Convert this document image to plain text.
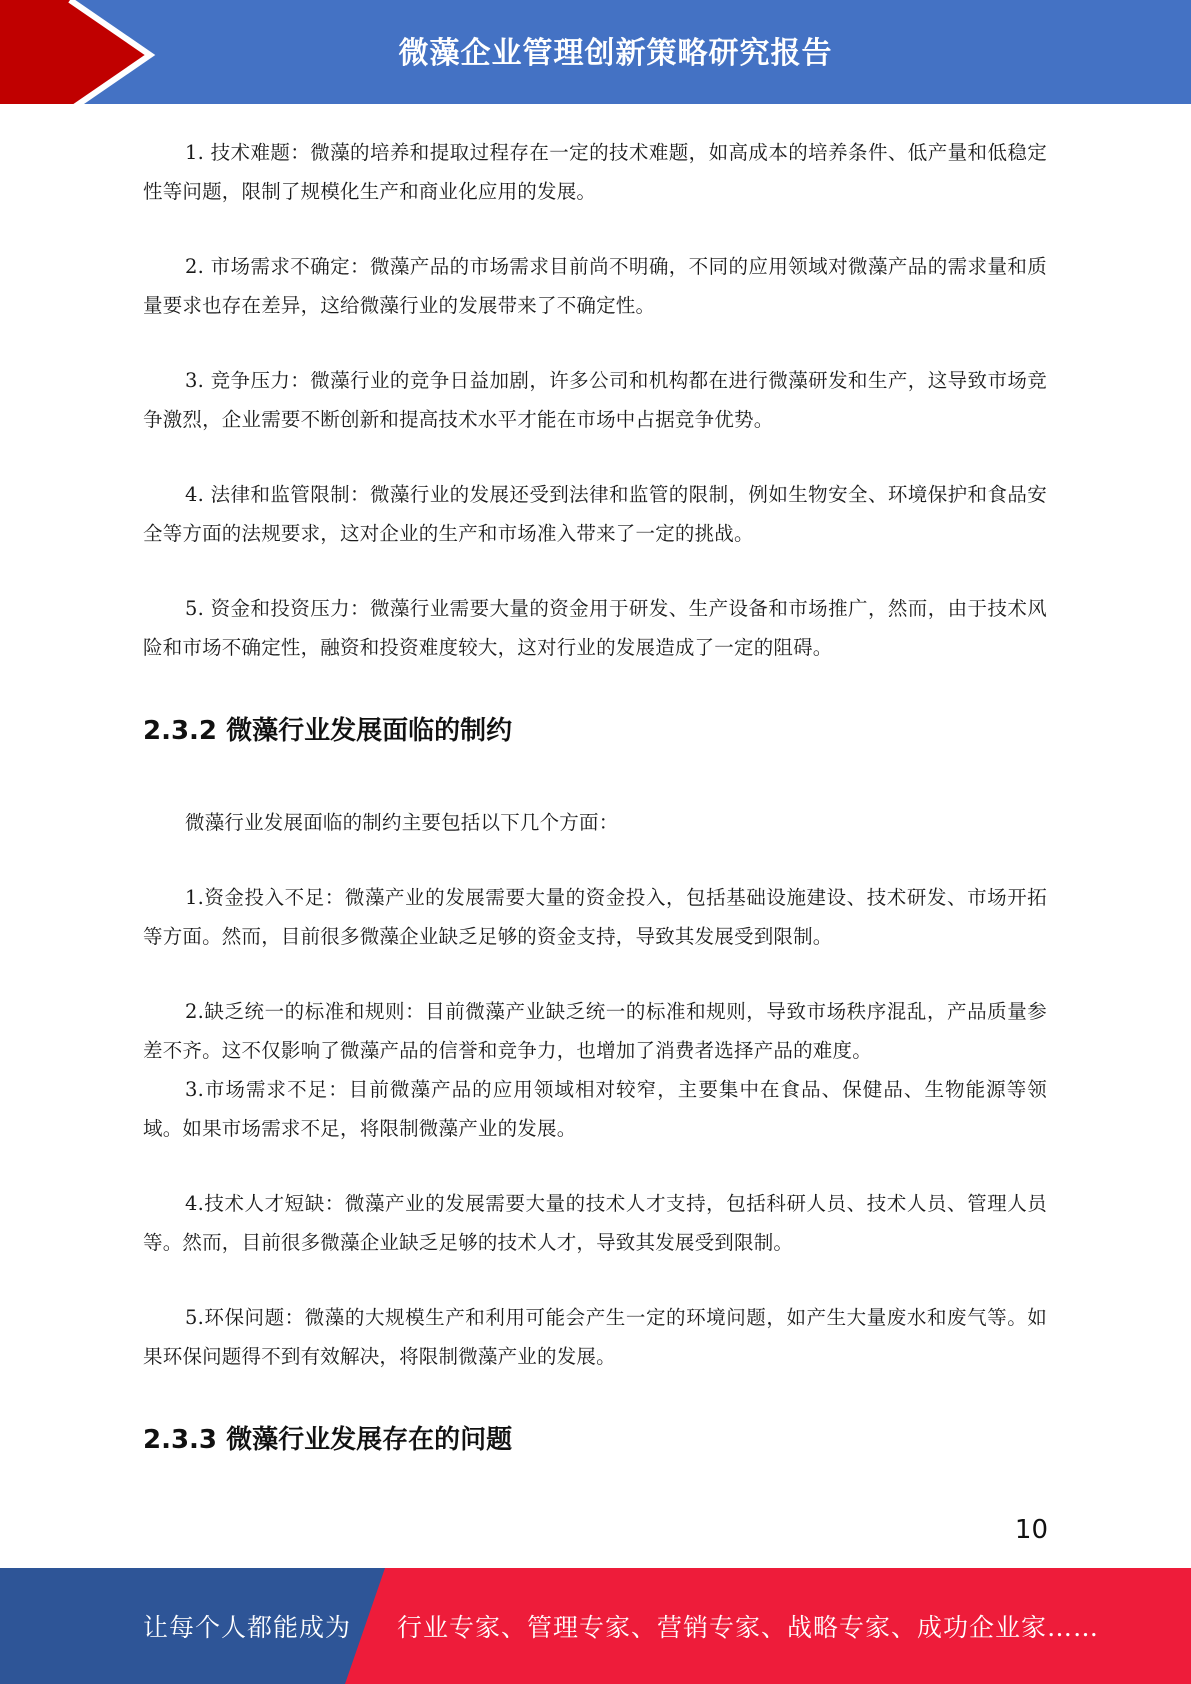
微藻企业管理创新策略研究报告

1. 技术难题：微藻的培养和提取过程存在一定的技术难题，如高成本的培养条件、低产量和低稳定性等问题，限制了规模化生产和商业化应用的发展。

2. 市场需求不确定：微藻产品的市场需求目前尚不明确，不同的应用领域对微藻产品的需求量和质量要求也存在差异，这给微藻行业的发展带来了不确定性。

3. 竞争压力：微藻行业的竞争日益加剧，许多公司和机构都在进行微藻研发和生产，这导致市场竞争激烈，企业需要不断创新和提高技术水平才能在市场中占据竞争优势。

4. 法律和监管限制：微藻行业的发展还受到法律和监管的限制，例如生物安全、环境保护和食品安全等方面的法规要求，这对企业的生产和市场准入带来了一定的挑战。

5. 资金和投资压力：微藻行业需要大量的资金用于研发、生产设备和市场推广，然而，由于技术风险和市场不确定性，融资和投资难度较大，这对行业的发展造成了一定的阻碍。

2.3.2 微藻行业发展面临的制约

微藻行业发展面临的制约主要包括以下几个方面：

1.资金投入不足：微藻产业的发展需要大量的资金投入，包括基础设施建设、技术研发、市场开拓等方面。然而，目前很多微藻企业缺乏足够的资金支持，导致其发展受到限制。

2.缺乏统一的标准和规则：目前微藻产业缺乏统一的标准和规则，导致市场秩序混乱，产品质量参差不齐。这不仅影响了微藻产品的信誉和竞争力，也增加了消费者选择产品的难度。

3.市场需求不足：目前微藻产品的应用领域相对较窄，主要集中在食品、保健品、生物能源等领域。如果市场需求不足，将限制微藻产业的发展。

4.技术人才短缺：微藻产业的发展需要大量的技术人才支持，包括科研人员、技术人员、管理人员等。然而，目前很多微藻企业缺乏足够的技术人才，导致其发展受到限制。

5.环保问题：微藻的大规模生产和利用可能会产生一定的环境问题，如产生大量废水和废气等。如果环保问题得不到有效解决，将限制微藻产业的发展。

2.3.3 微藻行业发展存在的问题
10
让每个人都能成为 行业专家、管理专家、营销专家、战略专家、成功企业家……
